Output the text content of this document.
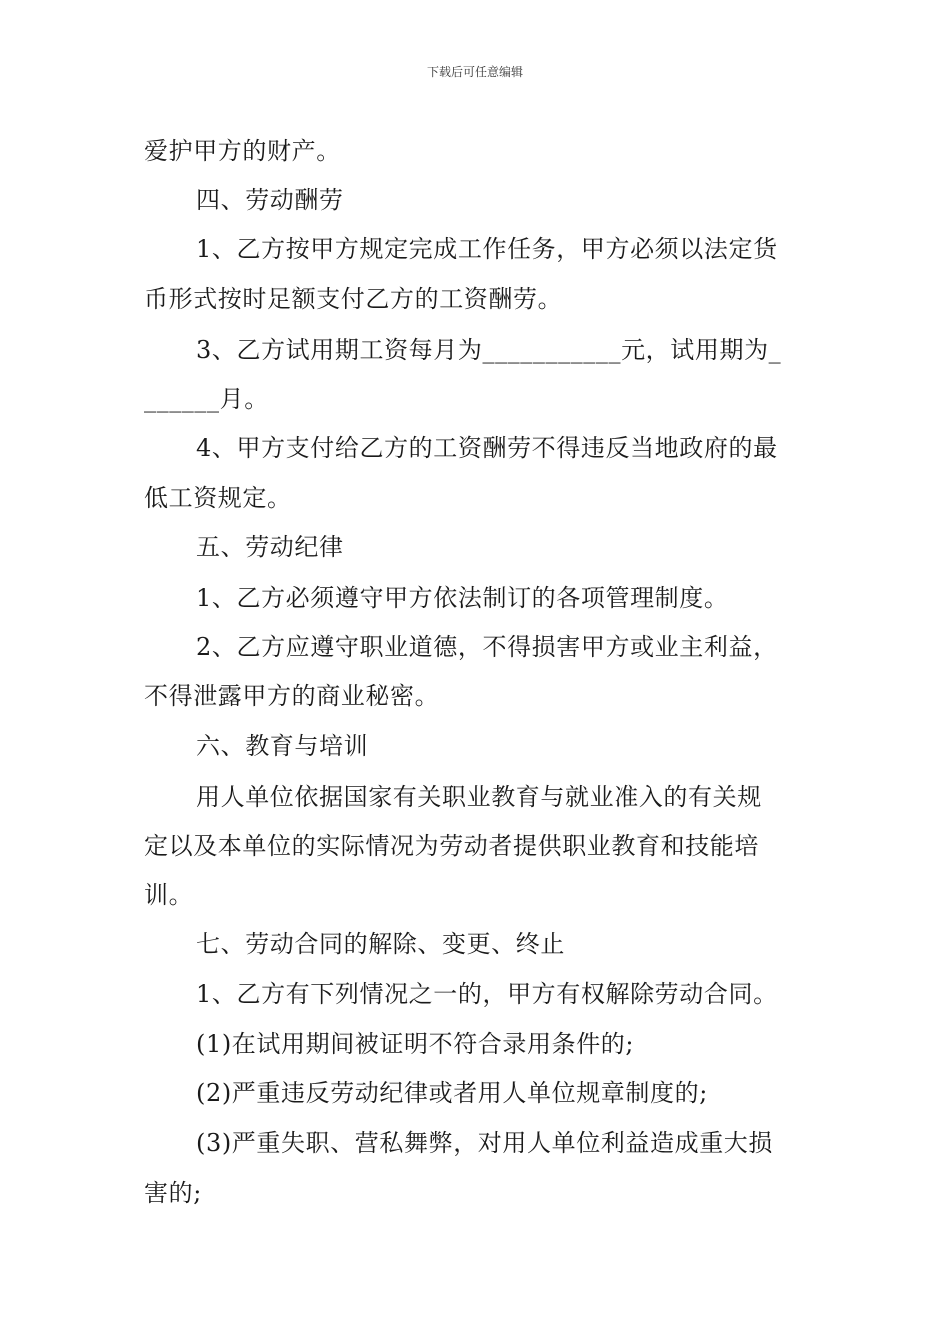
下载后可任意编辑
爱护甲方的财产。
四、劳动酬劳
1、乙方按甲方规定完成工作任务，甲方必须以法定货
币形式按时足额支付乙方的工资酬劳。
3、乙方试用期工资每月为___________元，试用期为_
______月。
4、甲方支付给乙方的工资酬劳不得违反当地政府的最
低工资规定。
五、劳动纪律
1、乙方必须遵守甲方依法制订的各项管理制度。
2、乙方应遵守职业道德，不得损害甲方或业主利益，
不得泄露甲方的商业秘密。
六、教育与培训
用人单位依据国家有关职业教育与就业准入的有关规
定以及本单位的实际情况为劳动者提供职业教育和技能培
训。
七、劳动合同的解除、变更、终止
1、乙方有下列情况之一的，甲方有权解除劳动合同。
(1)在试用期间被证明不符合录用条件的;
(2)严重违反劳动纪律或者用人单位规章制度的;
(3)严重失职、营私舞弊，对用人单位利益造成重大损
害的;
